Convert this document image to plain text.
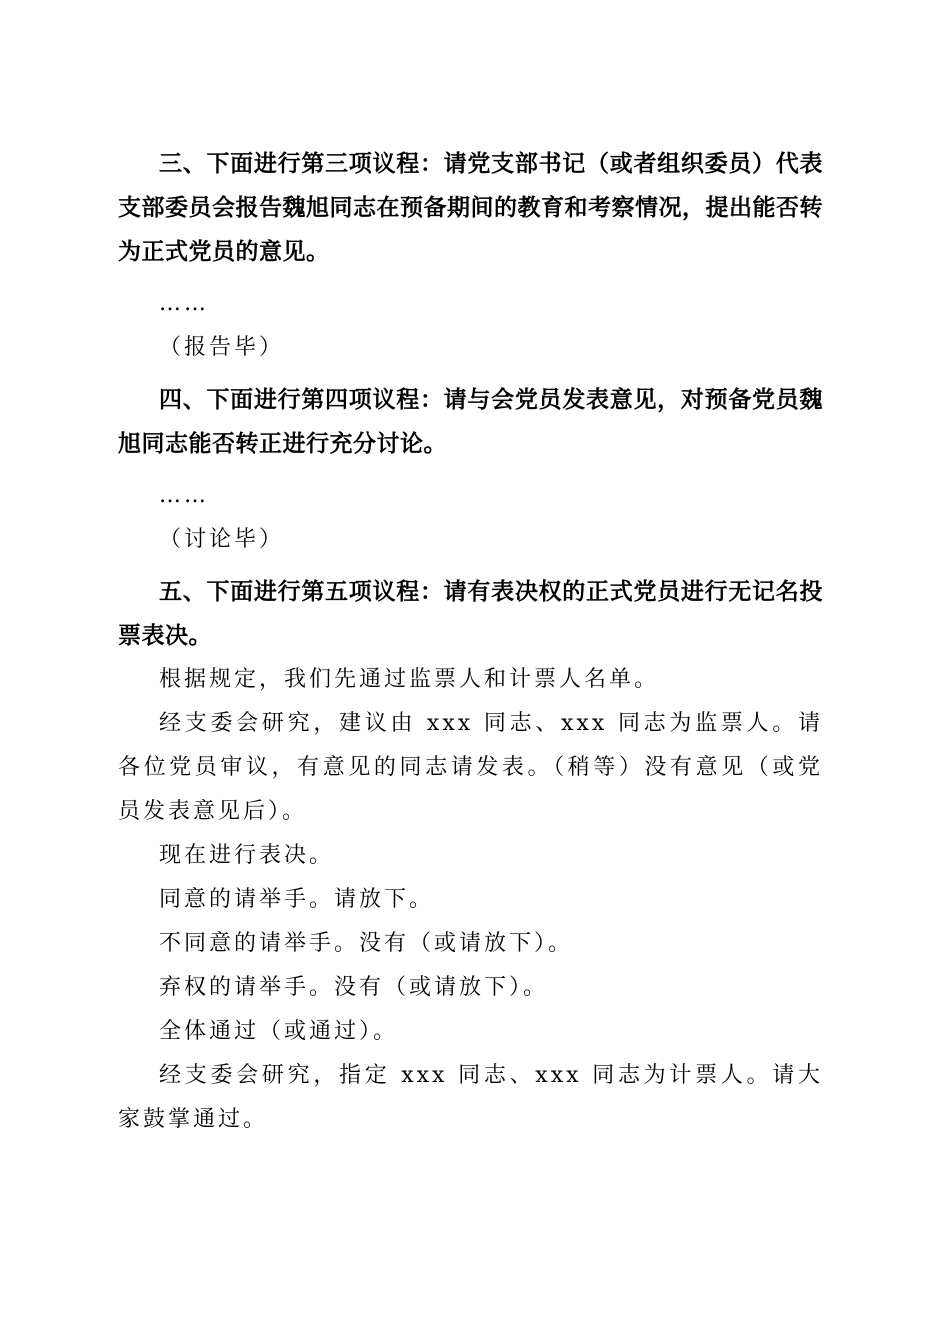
三、下面进行第三项议程：请党支部书记（或者组织委员）代表支部委员会报告魏旭同志在预备期间的教育和考察情况，提出能否转为正式党员的意见。

……

（报告毕）

四、下面进行第四项议程：请与会党员发表意见，对预备党员魏旭同志能否转正进行充分讨论。

……

（讨论毕）

五、下面进行第五项议程：请有表决权的正式党员进行无记名投票表决。

根据规定，我们先通过监票人和计票人名单。

经支委会研究，建议由 xxx 同志、xxx 同志为监票人。请各位党员审议，有意见的同志请发表。（稍等）没有意见（或党员发表意见后）。

现在进行表决。

同意的请举手。请放下。

不同意的请举手。没有（或请放下）。

弃权的请举手。没有（或请放下）。

全体通过（或通过）。

经支委会研究，指定 xxx 同志、xxx 同志为计票人。请大家鼓掌通过。
